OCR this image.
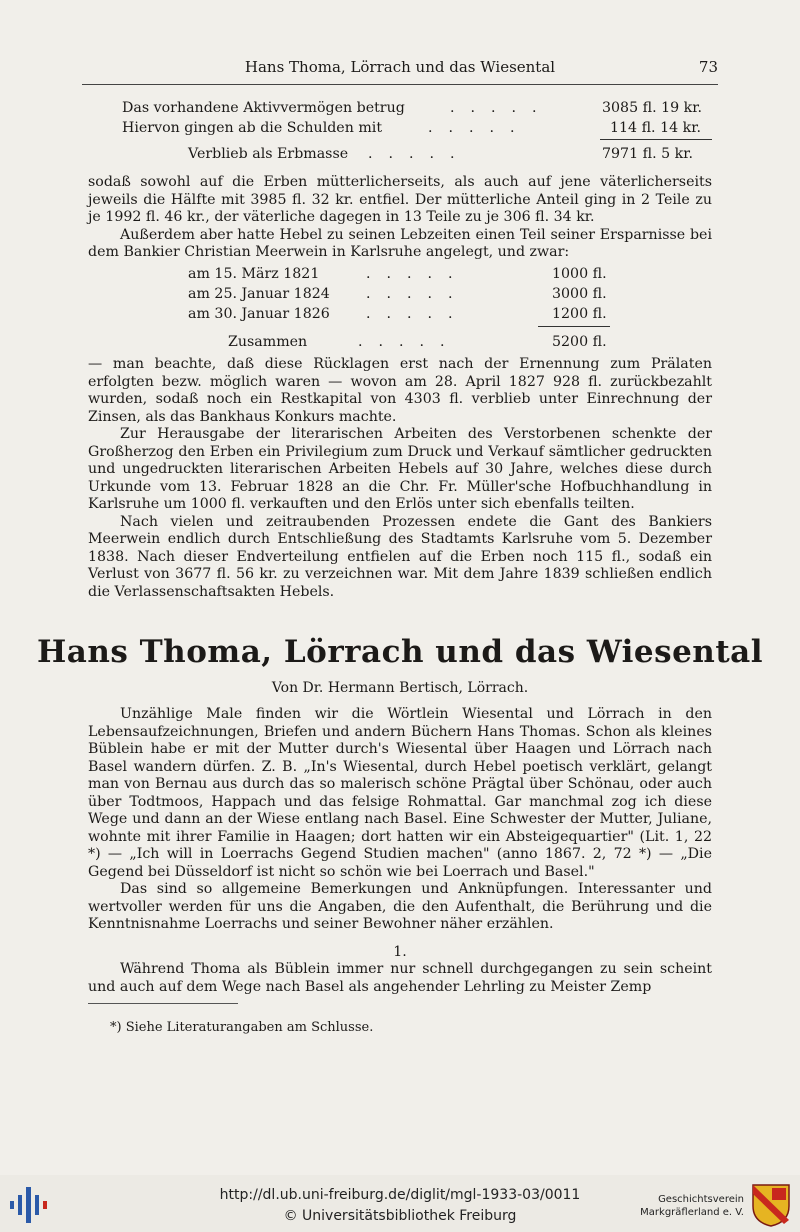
Hans Thoma, Lörrach und das Wiesental	73
Das vorhandene Aktivvermögen betrug	.....	3085 fl. 19 kr.
Hiervon gingen ab die Schulden mit	.....	114 fl. 14 kr.
Verblieb als Erbmasse .....	7971 fl. 5 kr.

sodaß sowohl auf die Erben mütterlicherseits, als auch auf jene väterlicherseits jeweils die Hälfte mit 3985 fl. 32 kr. entfiel. Der mütterliche Anteil ging in 2 Teile zu je 1992 fl. 46 kr., der väterliche dagegen in 13 Teile zu je 306 fl. 34 kr.

Außerdem aber hatte Hebel zu seinen Lebzeiten einen Teil seiner Ersparnisse bei dem Bankier Christian Meerwein in Karlsruhe angelegt, und zwar:

am 15. März 1821	.....	1000 fl.
am 25. Januar 1824	.....	3000 fl.
am 30. Januar 1826	.....	1200 fl.
Zusammen	.....	5200 fl.

— man beachte, daß diese Rücklagen erst nach der Ernennung zum Prälaten erfolgten bezw. möglich waren — wovon am 28. April 1827 928 fl. zurückbezahlt wurden, sodaß noch ein Restkapital von 4303 fl. verblieb unter Einrechnung der Zinsen, als das Bankhaus Konkurs machte.

Zur Herausgabe der literarischen Arbeiten des Verstorbenen schenkte der Großherzog den Erben ein Privilegium zum Druck und Verkauf sämtlicher gedruckten und ungedruckten literarischen Arbeiten Hebels auf 30 Jahre, welches diese durch Urkunde vom 13. Februar 1828 an die Chr. Fr. Müller'sche Hofbuchhandlung in Karlsruhe um 1000 fl. verkauften und den Erlös unter sich ebenfalls teilten.

Nach vielen und zeitraubenden Prozessen endete die Gant des Bankiers Meerwein endlich durch Entschließung des Stadtamts Karlsruhe vom 5. Dezember 1838. Nach dieser Endverteilung entfielen auf die Erben noch 115 fl., sodaß ein Verlust von 3677 fl. 56 kr. zu verzeichnen war. Mit dem Jahre 1839 schließen endlich die Verlassenschaftsakten Hebels.

Hans Thoma, Lörrach und das Wiesental
Von Dr. Hermann Bertisch, Lörrach.

Unzählige Male finden wir die Wörtlein Wiesental und Lörrach in den Lebensaufzeichnungen, Briefen und andern Büchern Hans Thomas. Schon als kleines Büblein habe er mit der Mutter durch's Wiesental über Haagen und Lörrach nach Basel wandern dürfen. Z. B. „In's Wiesental, durch Hebel poetisch verklärt, gelangt man von Bernau aus durch das so malerisch schöne Prägtal über Schönau, oder auch über Todtmoos, Happach und das felsige Rohmattal. Gar manchmal zog ich diese Wege und dann an der Wiese entlang nach Basel. Eine Schwester der Mutter, Juliane, wohnte mit ihrer Familie in Haagen; dort hatten wir ein Absteigequartier" (Lit. 1, 22 *) — „Ich will in Loerrachs Gegend Studien machen" (anno 1867. 2, 72 *) — „Die Gegend bei Düsseldorf ist nicht so schön wie bei Loerrach und Basel."

Das sind so allgemeine Bemerkungen und Anknüpfungen. Interessanter und wertvoller werden für uns die Angaben, die den Aufenthalt, die Berührung und die Kenntnisnahme Loerrachs und seiner Bewohner näher erzählen.

1.

Während Thoma als Büblein immer nur schnell durchgegangen zu sein scheint und auch auf dem Wege nach Basel als angehender Lehrling zu Meister Zemp

*) Siehe Literaturangaben am Schlusse.
http://dl.ub.uni-freiburg.de/diglit/mgl-1933-03/0011
© Universitätsbibliothek Freiburg
Geschichtsverein
Markgräflerland e. V.
